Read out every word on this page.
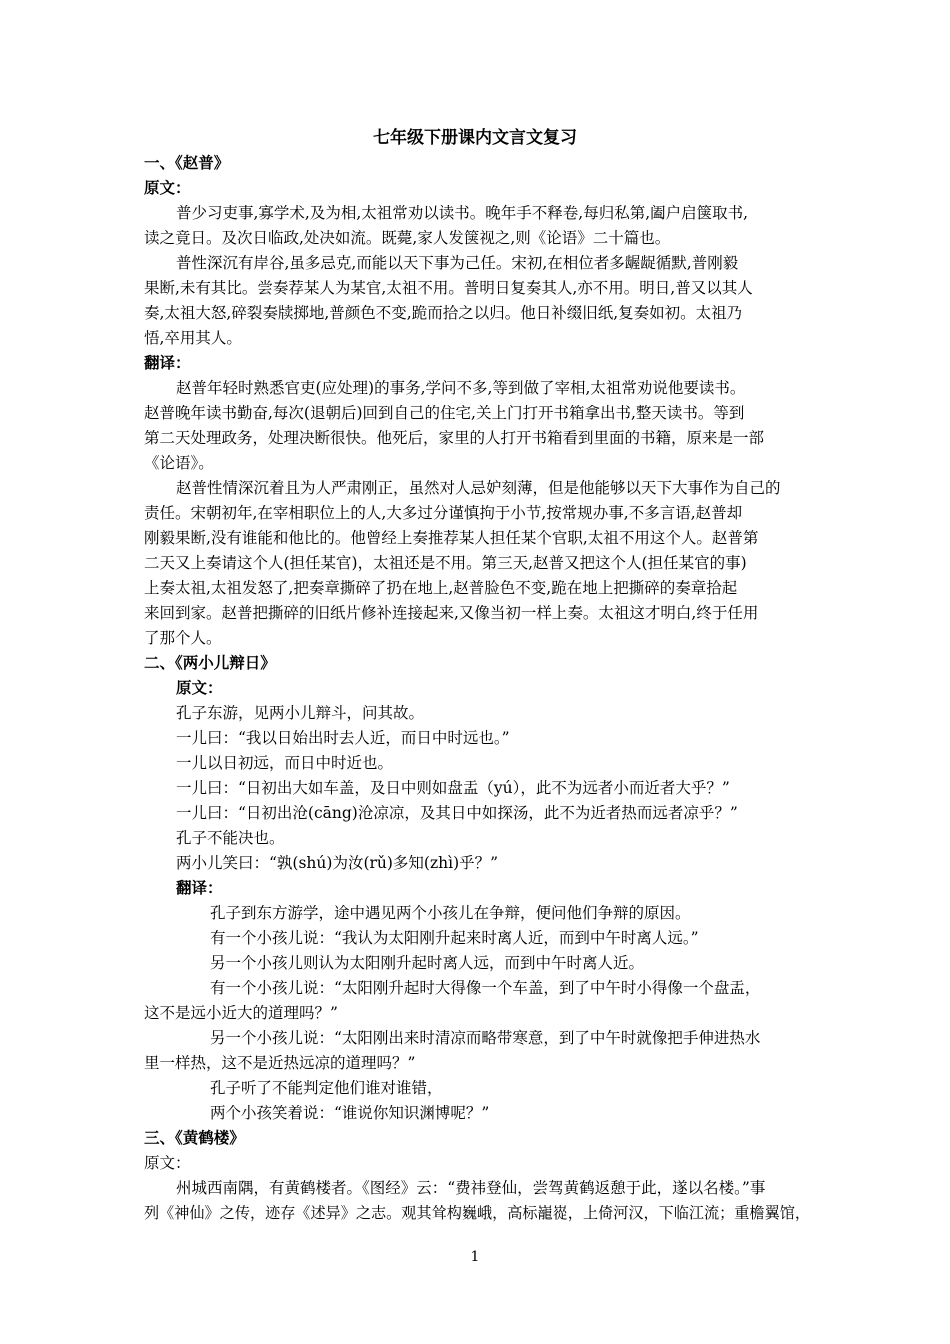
七年级下册课内文言文复习
一、《赵普》
原文：
普少习吏事,寡学术,及为相,太祖常劝以读书。晚年手不释卷,每归私第,阖户启箧取书,
读之竟日。及次日临政,处决如流。既薨,家人发箧视之,则《论语》二十篇也。
普性深沉有岸谷,虽多忌克,而能以天下事为己任。宋初,在相位者多龌龊循默,普刚毅
果断,未有其比。尝奏荐某人为某官,太祖不用。普明日复奏其人,亦不用。明日,普又以其人
奏,太祖大怒,碎裂奏牍掷地,普颜色不变,跪而拾之以归。他日补缀旧纸,复奏如初。太祖乃
悟,卒用其人。
翻译：
赵普年轻时熟悉官吏(应处理)的事务,学问不多,等到做了宰相,太祖常劝说他要读书。
赵普晚年读书勤奋,每次(退朝后)回到自己的住宅,关上门打开书箱拿出书,整天读书。等到
第二天处理政务，处理决断很快。他死后，家里的人打开书箱看到里面的书籍，原来是一部
《论语》。
赵普性情深沉着且为人严肃刚正，虽然对人忌妒刻薄，但是他能够以天下大事作为自己的
责任。宋朝初年,在宰相职位上的人,大多过分谨慎拘于小节,按常规办事,不多言语,赵普却
刚毅果断,没有谁能和他比的。他曾经上奏推荐某人担任某个官职,太祖不用这个人。赵普第
二天又上奏请这个人(担任某官)，太祖还是不用。第三天,赵普又把这个人(担任某官的事)
上奏太祖,太祖发怒了,把奏章撕碎了扔在地上,赵普脸色不变,跪在地上把撕碎的奏章拾起
来回到家。赵普把撕碎的旧纸片修补连接起来,又像当初一样上奏。太祖这才明白,终于任用
了那个人。
二、《两小儿辩日》
原文：
孔子东游，见两小儿辩斗，问其故。
一儿曰：“我以日始出时去人近，而日中时远也。”
一儿以日初远，而日中时近也。
一儿曰：“日初出大如车盖，及日中则如盘盂（yú），此不为远者小而近者大乎？”
一儿曰：“日初出沧(cāng)沧凉凉，及其日中如探汤，此不为近者热而远者凉乎？”
孔子不能决也。
两小儿笑曰：“孰(shú)为汝(rǔ)多知(zhì)乎？”
翻译：
孔子到东方游学，途中遇见两个小孩儿在争辩，便问他们争辩的原因。
有一个小孩儿说：“我认为太阳刚升起来时离人近，而到中午时离人远。”
另一个小孩儿则认为太阳刚升起时离人远，而到中午时离人近。
有一个小孩儿说：“太阳刚升起时大得像一个车盖，到了中午时小得像一个盘盂，
这不是远小近大的道理吗？”
另一个小孩儿说：“太阳刚出来时清凉而略带寒意，到了中午时就像把手伸进热水
里一样热，这不是近热远凉的道理吗？”
孔子听了不能判定他们谁对谁错，
两个小孩笑着说：“谁说你知识渊博呢？”
三、《黄鹤楼》
原文：
州城西南隅，有黄鹤楼者。《图经》云：“费祎登仙，尝驾黄鹤返憩于此，遂以名楼。”事
列《神仙》之传，迹存《述异》之志。观其耸构巍峨，高标巃嵸，上倚河汉，下临江流；重檐翼馆，
1
